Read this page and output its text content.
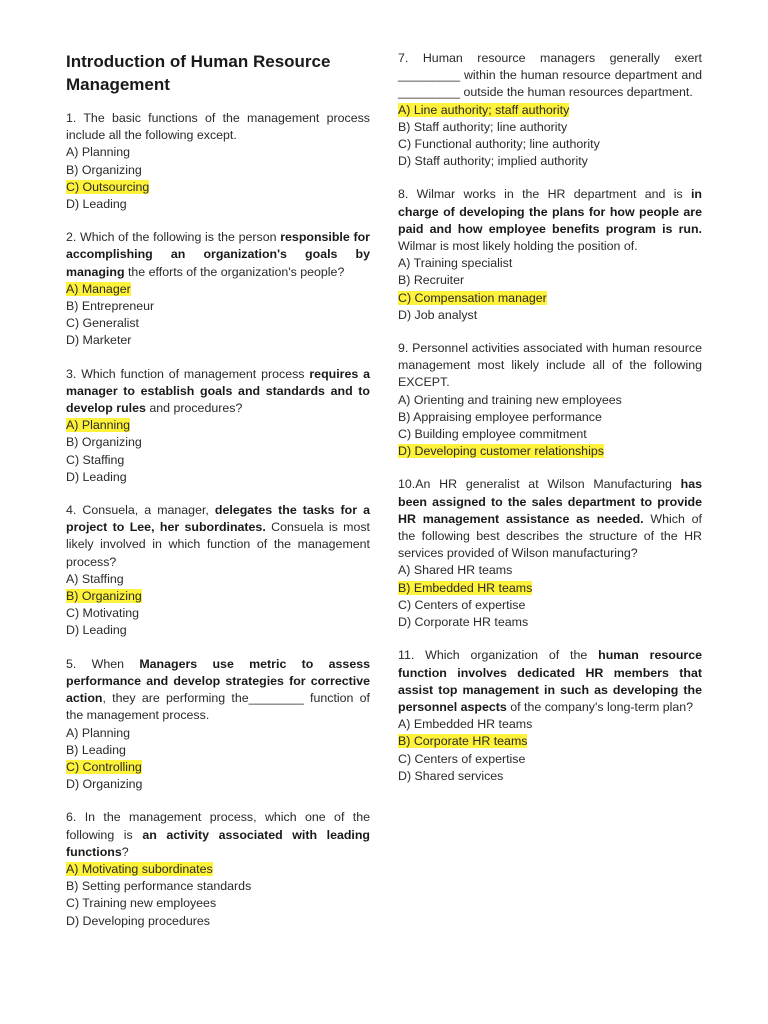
Introduction of Human Resource Management
1. The basic functions of the management process include all the following except.
A) Planning
B) Organizing
C) Outsourcing
D) Leading
2. Which of the following is the person responsible for accomplishing an organization's goals by managing the efforts of the organization's people?
A) Manager
B) Entrepreneur
C) Generalist
D) Marketer
3. Which function of management process requires a manager to establish goals and standards and to develop rules and procedures?
A) Planning
B) Organizing
C) Staffing
D) Leading
4. Consuela, a manager, delegates the tasks for a project to Lee, her subordinates. Consuela is most likely involved in which function of the management process?
A) Staffing
B) Organizing
C) Motivating
D) Leading
5. When Managers use metric to assess performance and develop strategies for corrective action, they are performing the________ function of the management process.
A) Planning
B) Leading
C) Controlling
D) Organizing
6. In the management process, which one of the following is an activity associated with leading functions?
A) Motivating subordinates
B) Setting performance standards
C) Training new employees
D) Developing procedures
7. Human resource managers generally exert _________ within the human resource department and _________ outside the human resources department.
A) Line authority; staff authority
B) Staff authority; line authority
C) Functional authority; line authority
D) Staff authority; implied authority
8. Wilmar works in the HR department and is in charge of developing the plans for how people are paid and how employee benefits program is run. Wilmar is most likely holding the position of.
A) Training specialist
B) Recruiter
C) Compensation manager
D) Job analyst
9. Personnel activities associated with human resource management most likely include all of the following EXCEPT.
A) Orienting and training new employees
B) Appraising employee performance
C) Building employee commitment
D) Developing customer relationships
10.An HR generalist at Wilson Manufacturing has been assigned to the sales department to provide HR management assistance as needed. Which of the following best describes the structure of the HR services provided of Wilson manufacturing?
A) Shared HR teams
B) Embedded HR teams
C) Centers of expertise
D) Corporate HR teams
11. Which organization of the human resource function involves dedicated HR members that assist top management in such as developing the personnel aspects of the company's long-term plan?
A) Embedded HR teams
B) Corporate HR teams
C) Centers of expertise
D) Shared services
